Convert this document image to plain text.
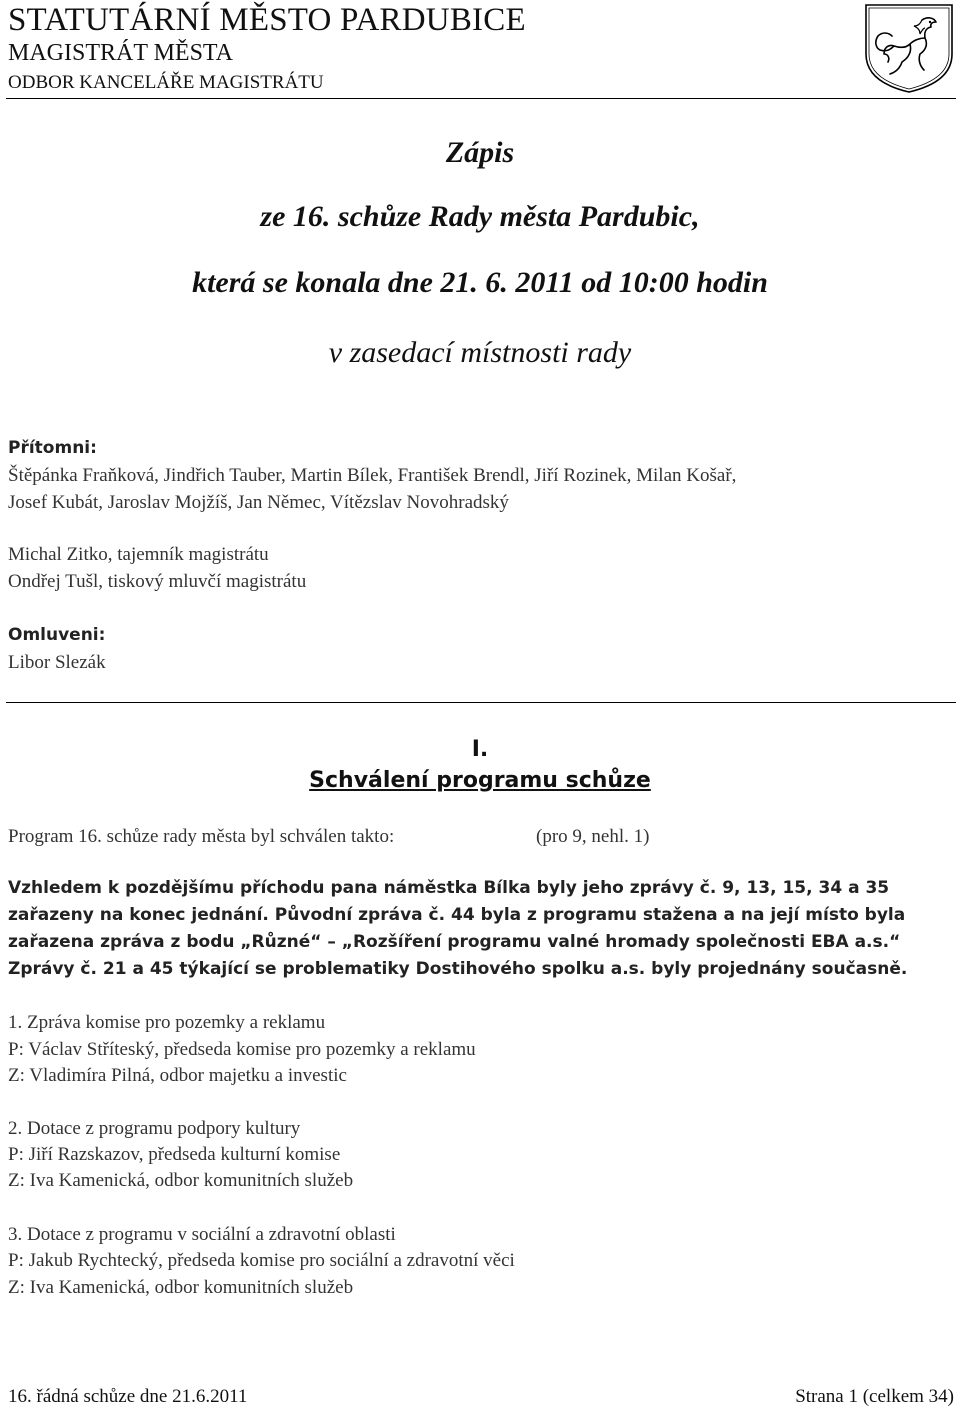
STATUTÁRNÍ MĚSTO PARDUBICE
MAGISTRÁT MĚSTA
ODBOR KANCELÁŘE MAGISTRÁTU
Zápis
ze 16. schůze Rady města Pardubic,
která se konala dne 21. 6. 2011 od 10:00 hodin
v zasedací místnosti rady
Přítomni:
Štěpánka Fraňková, Jindřich Tauber, Martin Bílek, František Brendl, Jiří Rozinek, Milan Košař,
Josef Kubát, Jaroslav Mojžíš, Jan Němec, Vítězslav Novohradský
Michal Zitko, tajemník magistrátu
Ondřej Tušl, tiskový mluvčí magistrátu
Omluveni:
Libor Slezák
I.
Schválení programu schůze
Program 16. schůze rady města byl schválen takto:	(pro 9, nehl. 1)
Vzhledem k pozdějšímu příchodu pana náměstka Bílka byly jeho zprávy č. 9, 13, 15, 34 a 35
zařazeny na konec jednání. Původní zpráva č. 44 byla z programu stažena a na její místo byla
zařazena zpráva z bodu „Různé“ – „Rozšíření programu valné hromady společnosti EBA a.s.“
Zprávy č. 21 a 45 týkající se problematiky Dostihového spolku a.s. byly projednány současně.
1. Zpráva komise pro pozemky a reklamu
P: Václav Stříteský, předseda komise pro pozemky a reklamu
Z: Vladimíra Pilná, odbor majetku a investic
2. Dotace z programu podpory kultury
P: Jiří Razskazov, předseda kulturní komise
Z: Iva Kamenická, odbor komunitních služeb
3. Dotace z programu v sociální a zdravotní oblasti
P: Jakub Rychtecký, předseda komise pro sociální a zdravotní věci
Z: Iva Kamenická, odbor komunitních služeb
16. řádná schůze dne 21.6.2011	Strana 1 (celkem 34)
